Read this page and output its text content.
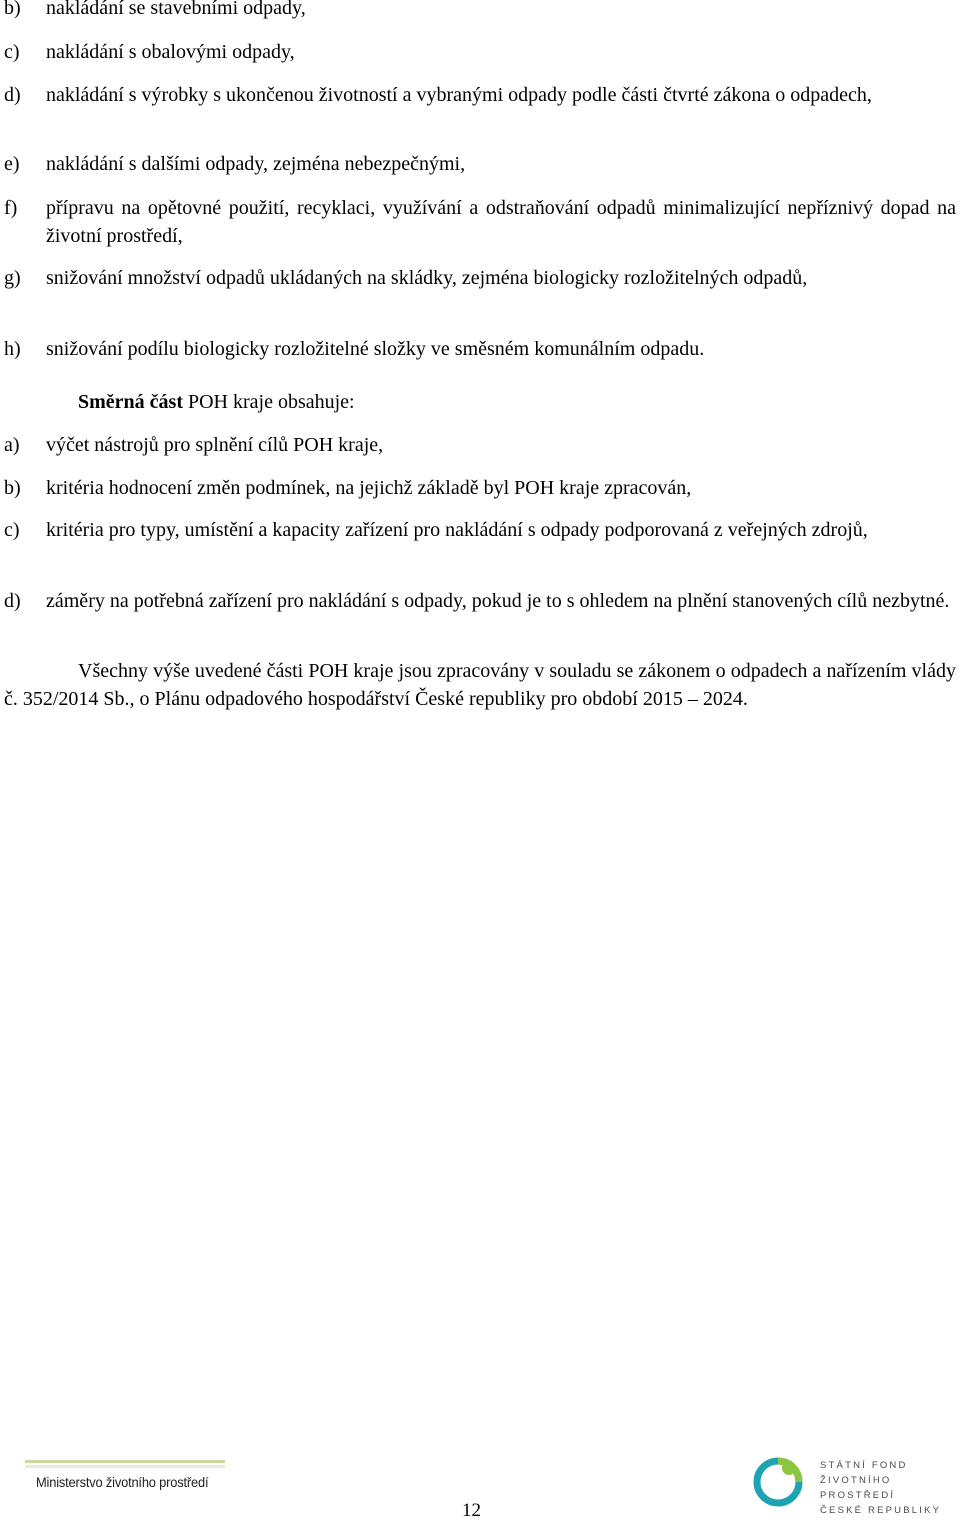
b)	nakládání se stavebními odpady,
c)	nakládání s obalovými odpady,
d)	nakládání s výrobky s ukončenou životností a vybranými odpady podle části čtvrté zákona o odpadech,
e)	nakládání s dalšími odpady, zejména nebezpečnými,
f)	přípravu na opětovné použití, recyklaci, využívání a odstraňování odpadů minimalizující nepříznivý dopad na životní prostředí,
g)	snižování množství odpadů ukládaných na skládky, zejména biologicky rozložitelných odpadů,
h)	snižování podílu biologicky rozložitelné složky ve směsném komunálním odpadu.
Směrná část POH kraje obsahuje:
a)	výčet nástrojů pro splnění cílů POH kraje,
b)	kritéria hodnocení změn podmínek, na jejichž základě byl POH kraje zpracován,
c)	kritéria pro typy, umístění a kapacity zařízení pro nakládání s odpady podporovaná z veřejných zdrojů,
d)	záměry na potřebná zařízení pro nakládání s odpady, pokud je to s ohledem na plnění stanovených cílů nezbytné.
Všechny výše uvedené části POH kraje jsou zpracovány v souladu se zákonem o odpadech a nařízením vlády č. 352/2014 Sb., o Plánu odpadového hospodářství České republiky pro období 2015 – 2024.
Ministerstvo životního prostředí
12
STÁTNÍ FOND
ŽIVOTNÍHO PROSTŘEDÍ
ČESKÉ REPUBLIKY
